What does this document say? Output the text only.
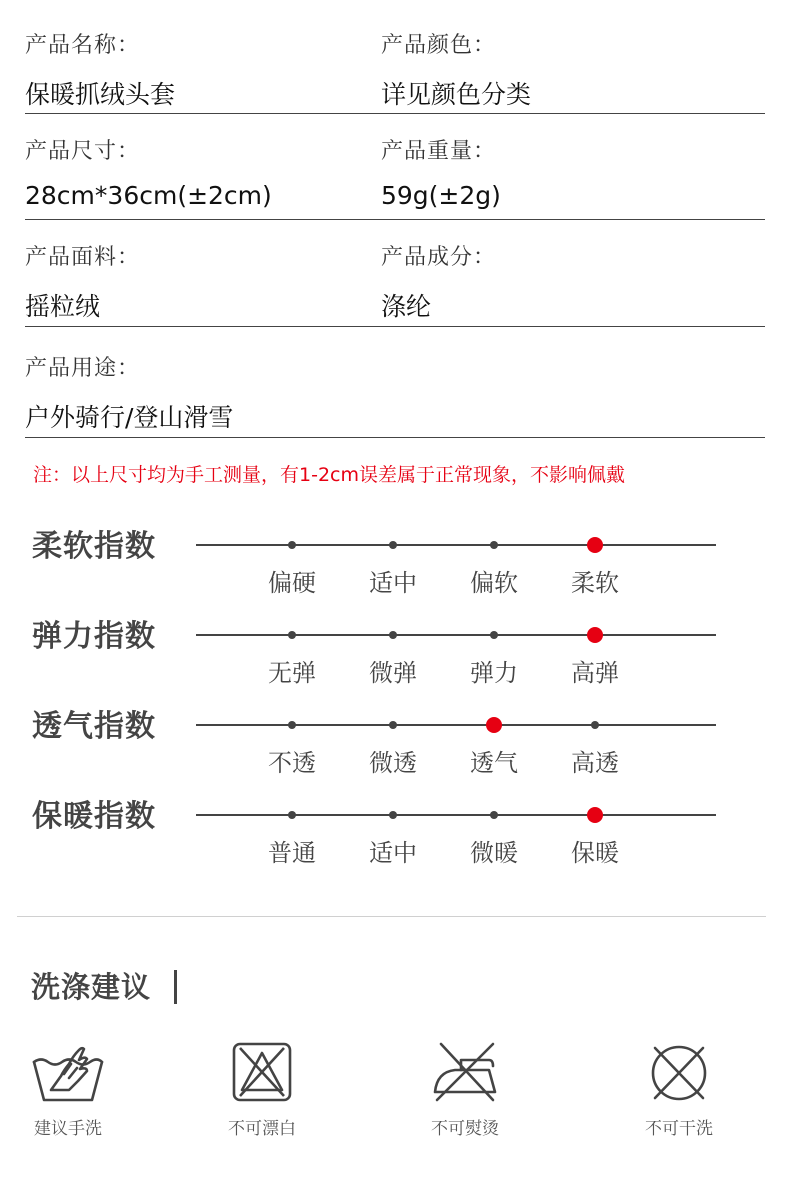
产品名称：
保暖抓绒头套
产品颜色：
详见颜色分类
产品尺寸：
28cm*36cm(±2cm)
产品重量：
59g(±2g)
产品面料：
摇粒绒
产品成分：
涤纶
产品用途：
户外骑行/登山滑雪
注：以上尺寸均为手工测量，有1-2cm误差属于正常现象，不影响佩戴
柔软指数
偏硬	适中	偏软	柔软
弹力指数
无弹	微弹	弹力	高弹
透气指数
不透	微透	透气	高透
保暖指数
普通	适中	微暖	保暖
洗涤建议
建议手洗	不可漂白	不可熨烫	不可干洗
